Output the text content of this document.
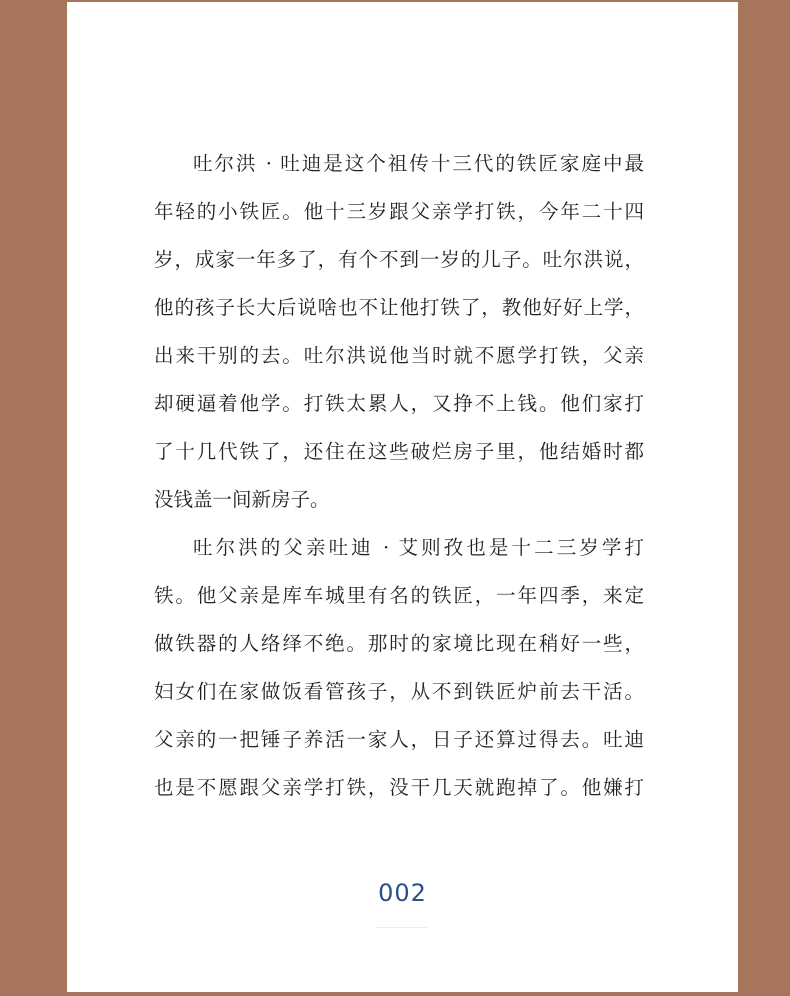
吐尔洪 · 吐迪是这个祖传十三代的铁匠家庭中最
年轻的小铁匠。他十三岁跟父亲学打铁，今年二十四
岁，成家一年多了，有个不到一岁的儿子。吐尔洪说，
他的孩子长大后说啥也不让他打铁了，教他好好上学，
出来干别的去。吐尔洪说他当时就不愿学打铁，父亲
却硬逼着他学。打铁太累人，又挣不上钱。他们家打
了十几代铁了，还住在这些破烂房子里，他结婚时都
没钱盖一间新房子。
吐尔洪的父亲吐迪 · 艾则孜也是十二三岁学打
铁。他父亲是库车城里有名的铁匠，一年四季，来定
做铁器的人络绎不绝。那时的家境比现在稍好一些，
妇女们在家做饭看管孩子，从不到铁匠炉前去干活。
父亲的一把锤子养活一家人，日子还算过得去。吐迪
也是不愿跟父亲学打铁，没干几天就跑掉了。他嫌打
002
